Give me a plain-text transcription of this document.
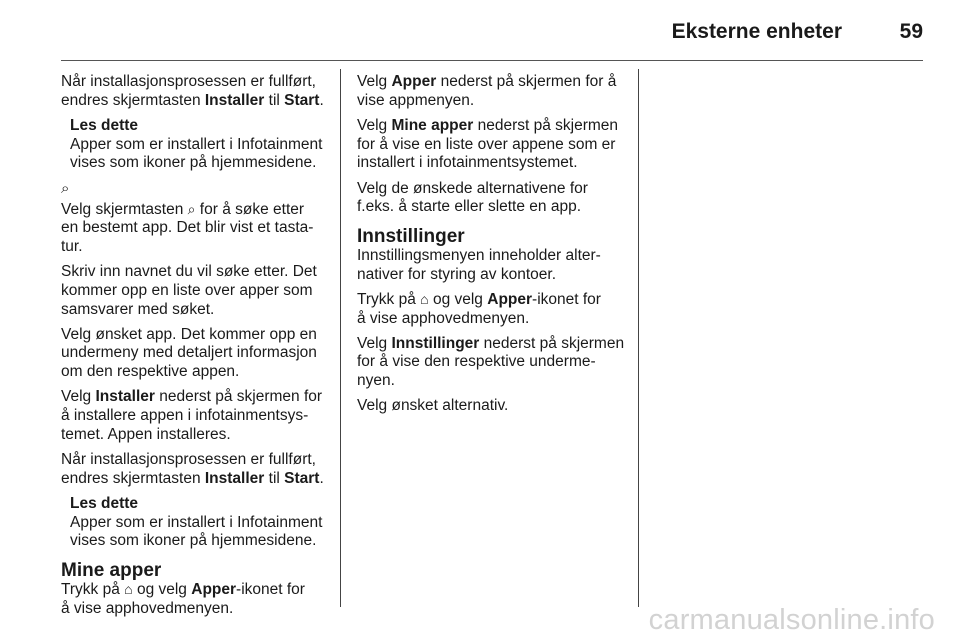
Eksterne enheter	59

Når installasjonsprosessen er fullført,
endres skjermtasten Installer til Start.

Les dette
Apper som er installert i Infotainment
vises som ikoner på hjemmesidene.
⌕

Velg skjermtasten ⌕ for å søke etter
en bestemt app. Det blir vist et tasta-
tur.

Skriv inn navnet du vil søke etter. Det
kommer opp en liste over apper som
samsvarer med søket.

Velg ønsket app. Det kommer opp en
undermeny med detaljert informasjon
om den respektive appen.

Velg Installer nederst på skjermen for
å installere appen i infotainmentsys-
temet. Appen installeres.

Når installasjonsprosessen er fullført,
endres skjermtasten Installer til Start.

Les dette
Apper som er installert i Infotainment
vises som ikoner på hjemmesidene.
Mine apper

Trykk på ⌂ og velg Apper-ikonet for
å vise apphovedmenyen.

Velg Apper nederst på skjermen for å
vise appmenyen.

Velg Mine apper nederst på skjermen
for å vise en liste over appene som er
installert i infotainmentsystemet.

Velg de ønskede alternativene for
f.eks. å starte eller slette en app.

Innstillinger

Innstillingsmenyen inneholder alter-
nativer for styring av kontoer.

Trykk på ⌂ og velg Apper-ikonet for
å vise apphovedmenyen.

Velg Innstillinger nederst på skjermen
for å vise den respektive underme-
nyen.

Velg ønsket alternativ.

carmanualsonline.info
